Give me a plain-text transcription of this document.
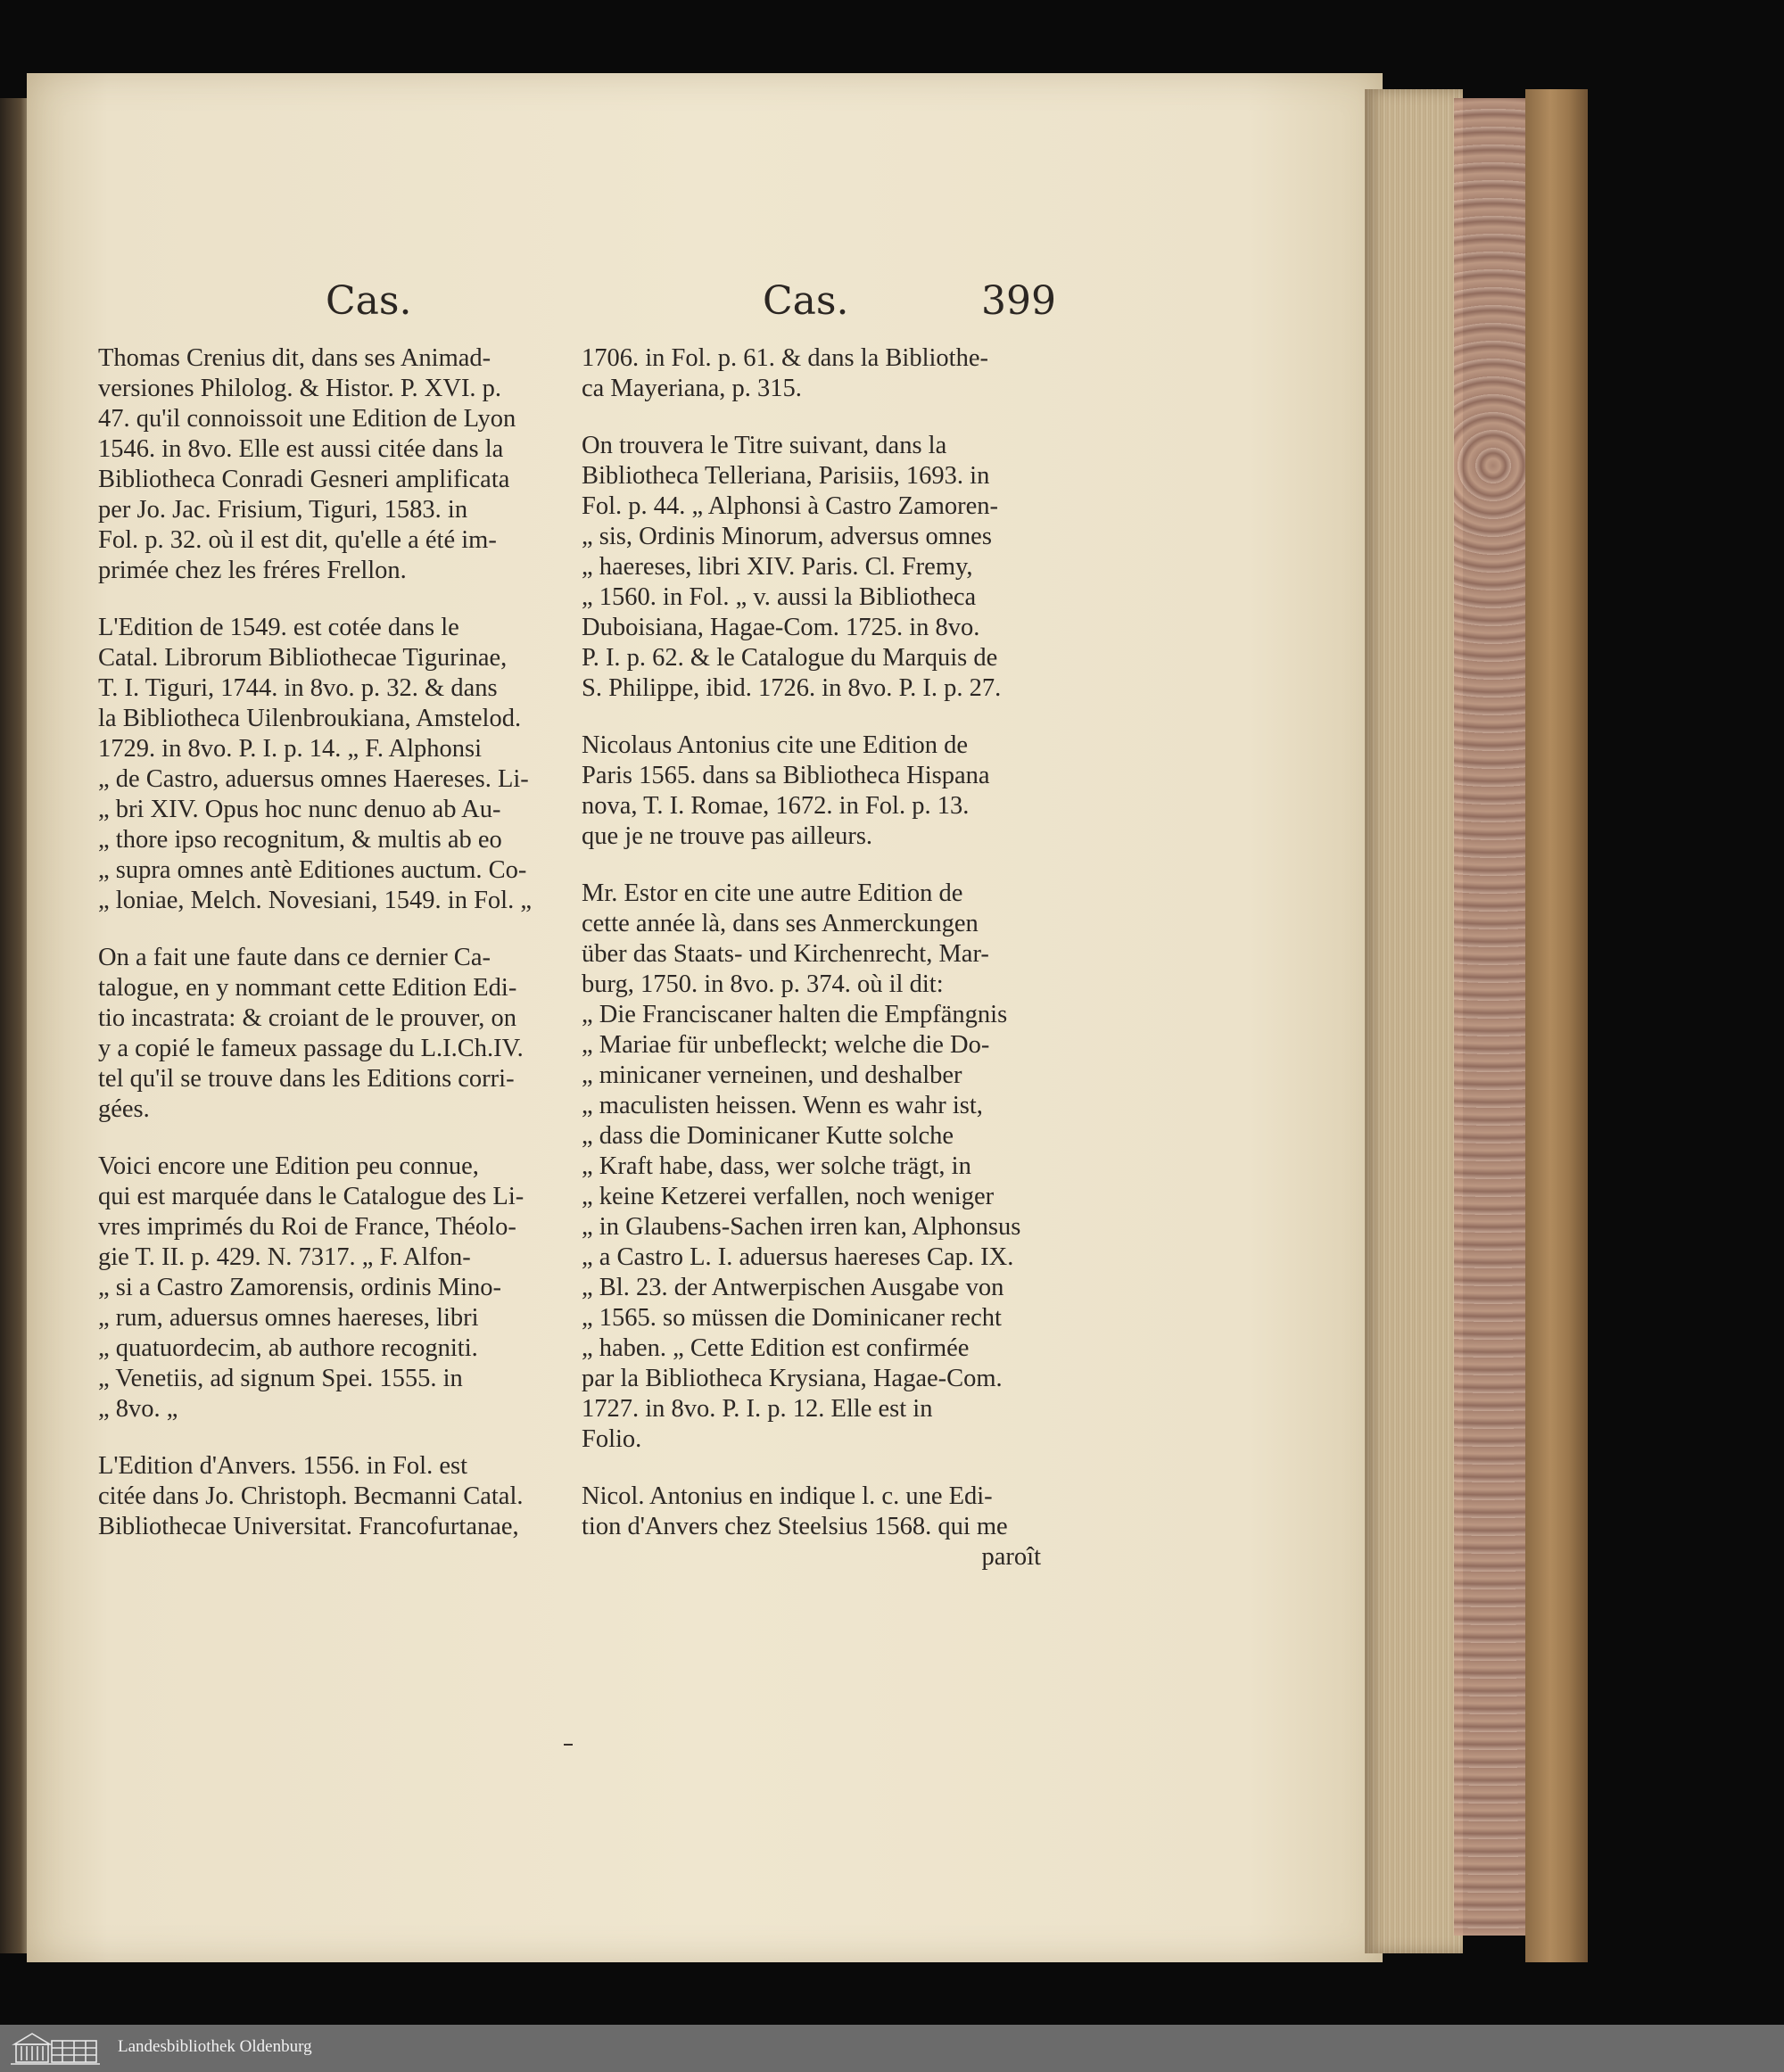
Cas.	Cas.	399
Thomas Crenius dit, dans ses Animad-
versiones Philolog. & Histor. P. XVI. p.
47. qu'il connoissoit une Edition de Lyon
1546. in 8vo. Elle est aussi citée dans la
Bibliotheca Conradi Gesneri amplificata
per Jo. Jac. Frisium, Tiguri, 1583. in
Fol. p. 32. où il est dit, qu'elle a été im-
primée chez les fréres Frellon.
L'Edition de 1549. est cotée dans le
Catal. Librorum Bibliothecae Tigurinae,
T. I. Tiguri, 1744. in 8vo. p. 32. & dans
la Bibliotheca Uilenbroukiana, Amstelod.
1729. in 8vo. P. I. p. 14. „ F. Alphonsi
„ de Castro, aduersus omnes Haereses. Li-
„ bri XIV. Opus hoc nunc denuo ab Au-
„ thore ipso recognitum, & multis ab eo
„ supra omnes antè Editiones auctum. Co-
„ loniae, Melch. Novesiani, 1549. in Fol. „
On a fait une faute dans ce dernier Ca-
talogue, en y nommant cette Edition Edi-
tio incastrata: & croiant de le prouver, on
y a copié le fameux passage du L.I.Ch.IV.
tel qu'il se trouve dans les Editions corri-
gées.
Voici encore une Edition peu connue,
qui est marquée dans le Catalogue des Li-
vres imprimés du Roi de France, Théolo-
gie T. II. p. 429. N. 7317. „ F. Alfon-
„ si a Castro Zamorensis, ordinis Mino-
„ rum, aduersus omnes haereses, libri
„ quatuordecim, ab authore recogniti.
„ Venetiis, ad signum Spei. 1555. in
„ 8vo. „
L'Edition d'Anvers. 1556. in Fol. est
citée dans Jo. Christoph. Becmanni Catal.
Bibliothecae Universitat. Francofurtanae,
1706. in Fol. p. 61. & dans la Bibliothe-
ca Mayeriana, p. 315.
On trouvera le Titre suivant, dans la
Bibliotheca Telleriana, Parisiis, 1693. in
Fol. p. 44. „ Alphonsi à Castro Zamoren-
„ sis, Ordinis Minorum, adversus omnes
„ haereses, libri XIV. Paris. Cl. Fremy,
„ 1560. in Fol. „ v. aussi la Bibliotheca
Duboisiana, Hagae-Com. 1725. in 8vo.
P. I. p. 62. & le Catalogue du Marquis de
S. Philippe, ibid. 1726. in 8vo. P. I. p. 27.
Nicolaus Antonius cite une Edition de
Paris 1565. dans sa Bibliotheca Hispana
nova, T. I. Romae, 1672. in Fol. p. 13.
que je ne trouve pas ailleurs.
Mr. Estor en cite une autre Edition de
cette année là, dans ses Anmerckungen
über das Staats- und Kirchenrecht, Mar-
burg, 1750. in 8vo. p. 374. où il dit:
„ Die Franciscaner halten die Empfängnis
„ Mariae für unbefleckt; welche die Do-
„ minicaner verneinen, und deshalber
„ maculisten heissen. Wenn es wahr ist,
„ dass die Dominicaner Kutte solche
„ Kraft habe, dass, wer solche trägt, in
„ keine Ketzerei verfallen, noch weniger
„ in Glaubens-Sachen irren kan, Alphonsus
„ a Castro L. I. aduersus haereses Cap. IX.
„ Bl. 23. der Antwerpischen Ausgabe von
„ 1565. so müssen die Dominicaner recht
„ haben. „ Cette Edition est confirmée
par la Bibliotheca Krysiana, Hagae-Com.
1727. in 8vo. P. I. p. 12. Elle est in
Folio.
Nicol. Antonius en indique l. c. une Edi-
tion d'Anvers chez Steelsius 1568. qui me
paroît
Landesbibliothek Oldenburg
